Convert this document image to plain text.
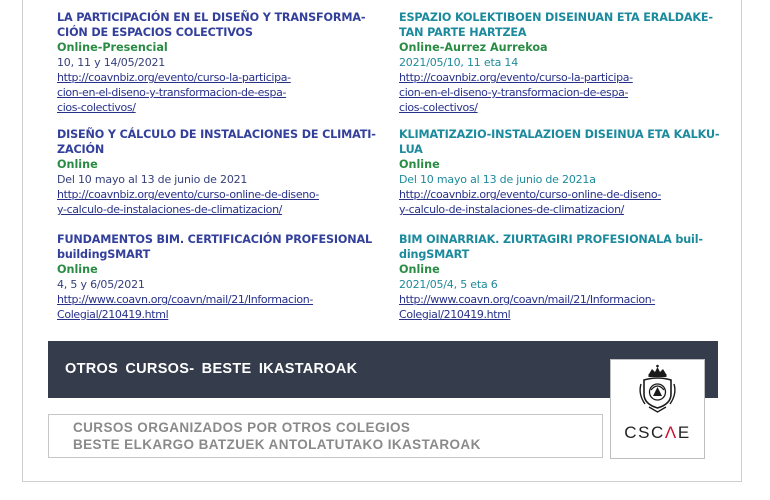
LA PARTICIPACIÓN EN EL DISEÑO Y TRANSFORMA-
CIÓN DE ESPACIOS COLECTIVOS
Online-Presencial
10, 11 y 14/05/2021
http://coavnbiz.org/evento/curso-la-participa-
cion-en-el-diseno-y-transformacion-de-espa-
cios-colectivos/
DISEÑO Y CÁLCULO DE INSTALACIONES DE CLIMATI-
ZACIÓN
Online
Del 10 mayo al 13 de junio de 2021
http://coavnbiz.org/evento/curso-online-de-diseno-
y-calculo-de-instalaciones-de-climatizacion/
FUNDAMENTOS BIM. CERTIFICACIÓN PROFESIONAL
buildingSMART
Online
4, 5 y 6/05/2021
http://www.coavn.org/coavn/mail/21/Informacion-
Colegial/210419.html
ESPAZIO KOLEKTIBOEN DISEINUAN ETA ERALDAKE-
TAN PARTE HARTZEA
Online-Aurrez Aurrekoa
2021/05/10, 11 eta 14
http://coavnbiz.org/evento/curso-la-participa-
cion-en-el-diseno-y-transformacion-de-espa-
cios-colectivos/
KLIMATIZAZIO-INSTALAZIOEN DISEINUA ETA KALKU-
LUA
Online
Del 10 mayo al 13 de junio de 2021a
http://coavnbiz.org/evento/curso-online-de-diseno-
y-calculo-de-instalaciones-de-climatizacion/
BIM OINARRIAK. ZIURTAGIRI PROFESIONALA buil-
dingSMART
Online
2021/05/4, 5 eta 6
http://www.coavn.org/coavn/mail/21/Informacion-
Colegial/210419.html
OTROS CURSOS- BESTE IKASTAROAK
CURSOS ORGANIZADOS POR OTROS COLEGIOS
BESTE ELKARGO BATZUEK ANTOLATUTAKO IKASTAROAK
CSCΛE
